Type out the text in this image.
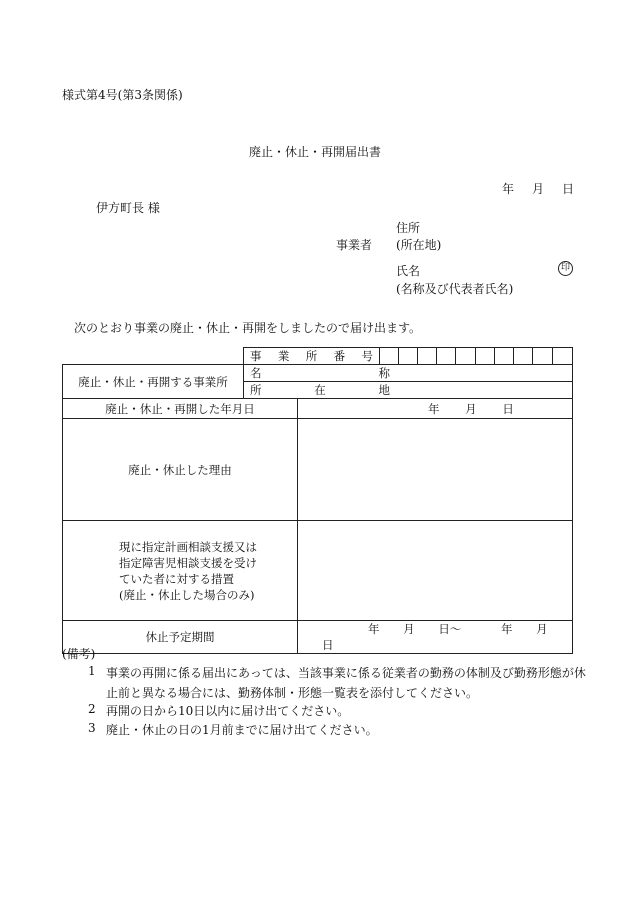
様式第4号(第3条関係)
廃止・休止・再開届出書
年 月 日
伊方町長 様
住所
事業者 (所在地)
氏名	印
(名称及び代表者氏名)
次のとおり事業の廃止・休止・再開をしましたので届け出ます。

	事 業 所 番 号											

廃止・休止・再開する事業所	名 称											

	所 在 地											

廃止・休止・再開した年月日		年 月 日										
廃止・休止した理由												

現に指定計画相談支援又は
指定障害児相談支援を受け
ていた者に対する措置
(廃止・休止した場合のみ)												

休止予定期間		年 月 日〜 年 月 日										
(備考)
1 事業の再開に係る届出にあっては、当該事業に係る従業者の勤務の体制及び勤務形態が休
止前と異なる場合には、勤務体制・形態一覧表を添付してください。
2 再開の日から10日以内に届け出てください。
3 廃止・休止の日の1月前までに届け出てください。
